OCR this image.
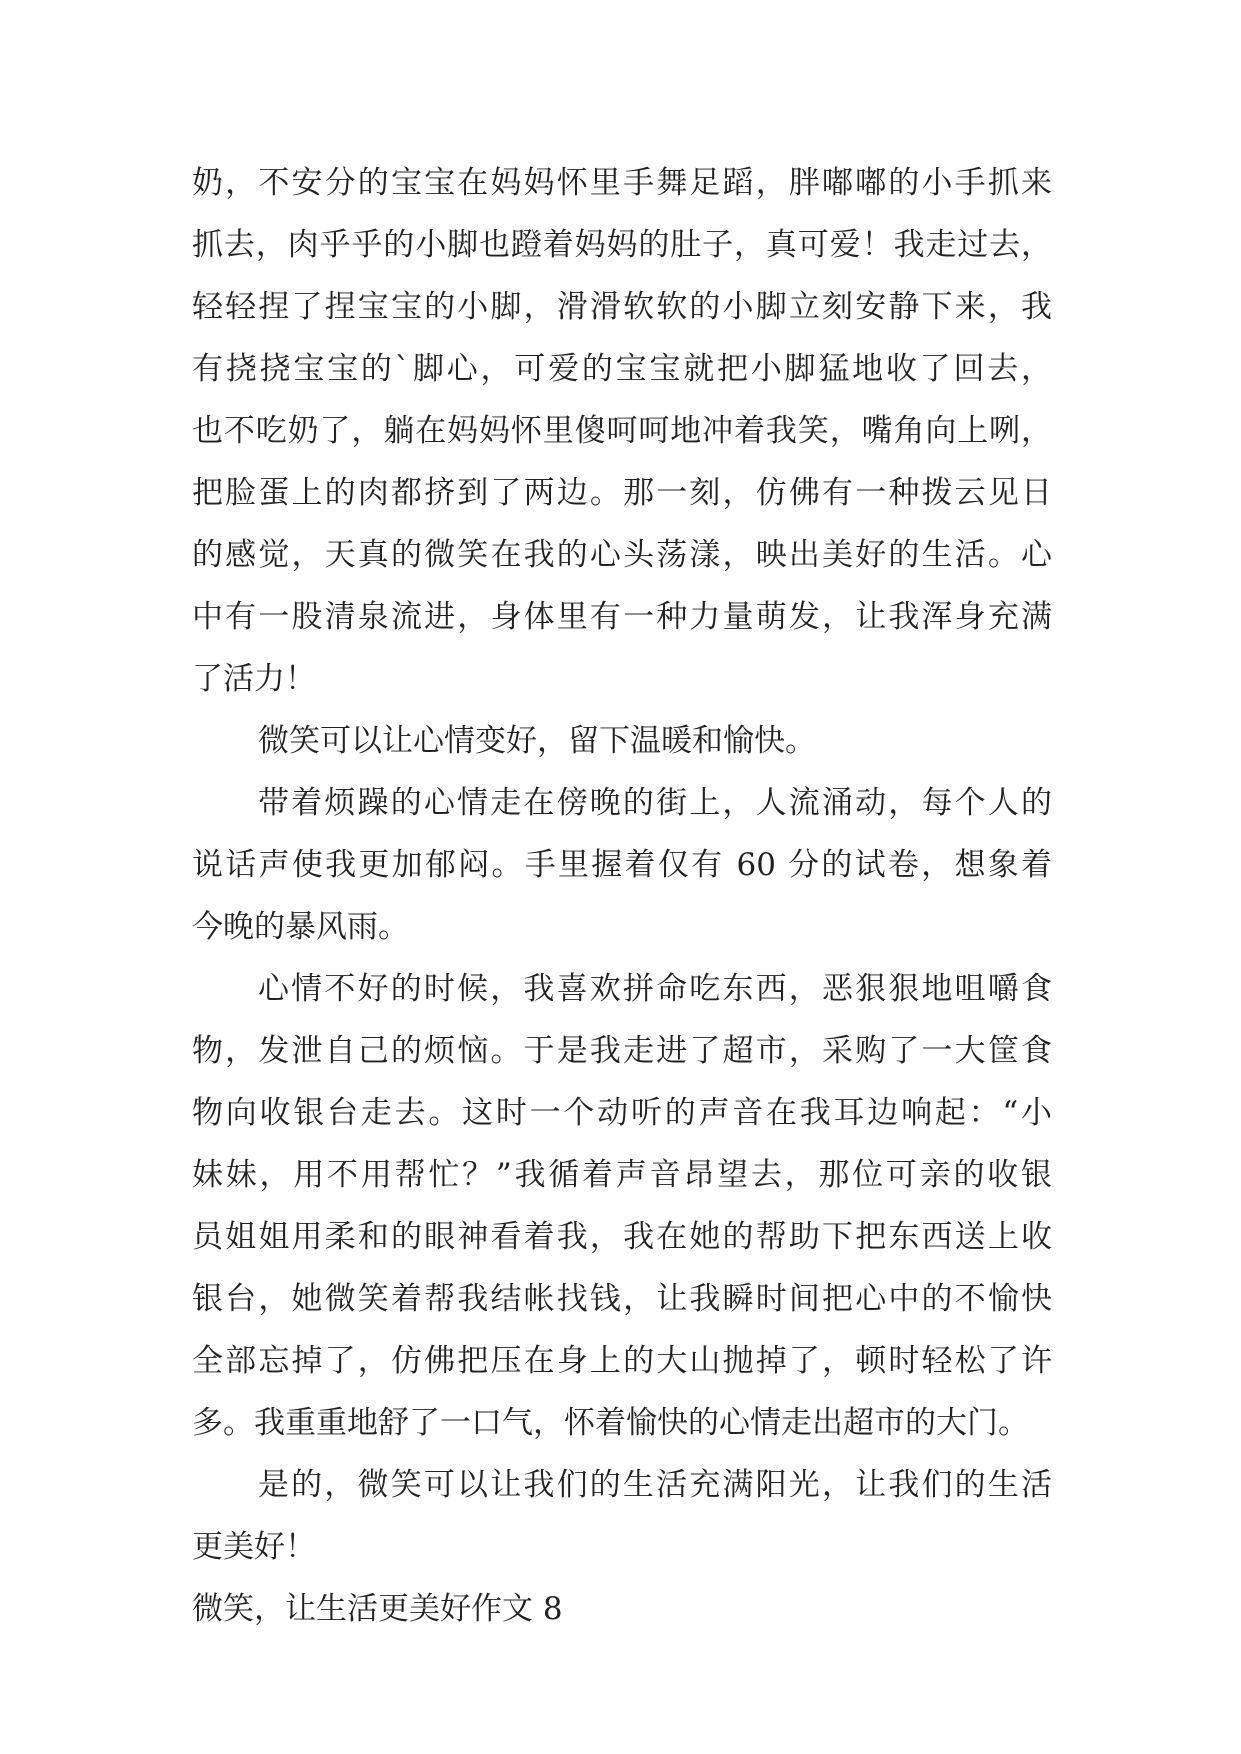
奶，不安分的宝宝在妈妈怀里手舞足蹈，胖嘟嘟的小手抓来
抓去，肉乎乎的小脚也蹬着妈妈的肚子，真可爱！我走过去，
轻轻捏了捏宝宝的小脚，滑滑软软的小脚立刻安静下来，我
有挠挠宝宝的`脚心，可爱的宝宝就把小脚猛地收了回去，
也不吃奶了，躺在妈妈怀里傻呵呵地冲着我笑，嘴角向上咧，
把脸蛋上的肉都挤到了两边。那一刻，仿佛有一种拨云见日
的感觉，天真的微笑在我的心头荡漾，映出美好的生活。心
中有一股清泉流进，身体里有一种力量萌发，让我浑身充满
了活力！
微笑可以让心情变好，留下温暖和愉快。
带着烦躁的心情走在傍晚的街上，人流涌动，每个人的
说话声使我更加郁闷。手里握着仅有 60 分的试卷，想象着
今晚的暴风雨。
心情不好的时候，我喜欢拼命吃东西，恶狠狠地咀嚼食
物，发泄自己的烦恼。于是我走进了超市，采购了一大筐食
物向收银台走去。这时一个动听的声音在我耳边响起：“小
妹妹，用不用帮忙？”我循着声音昂望去，那位可亲的收银
员姐姐用柔和的眼神看着我，我在她的帮助下把东西送上收
银台，她微笑着帮我结帐找钱，让我瞬时间把心中的不愉快
全部忘掉了，仿佛把压在身上的大山抛掉了，顿时轻松了许
多。我重重地舒了一口气，怀着愉快的心情走出超市的大门。
是的，微笑可以让我们的生活充满阳光，让我们的生活
更美好！
微笑，让生活更美好作文 8
